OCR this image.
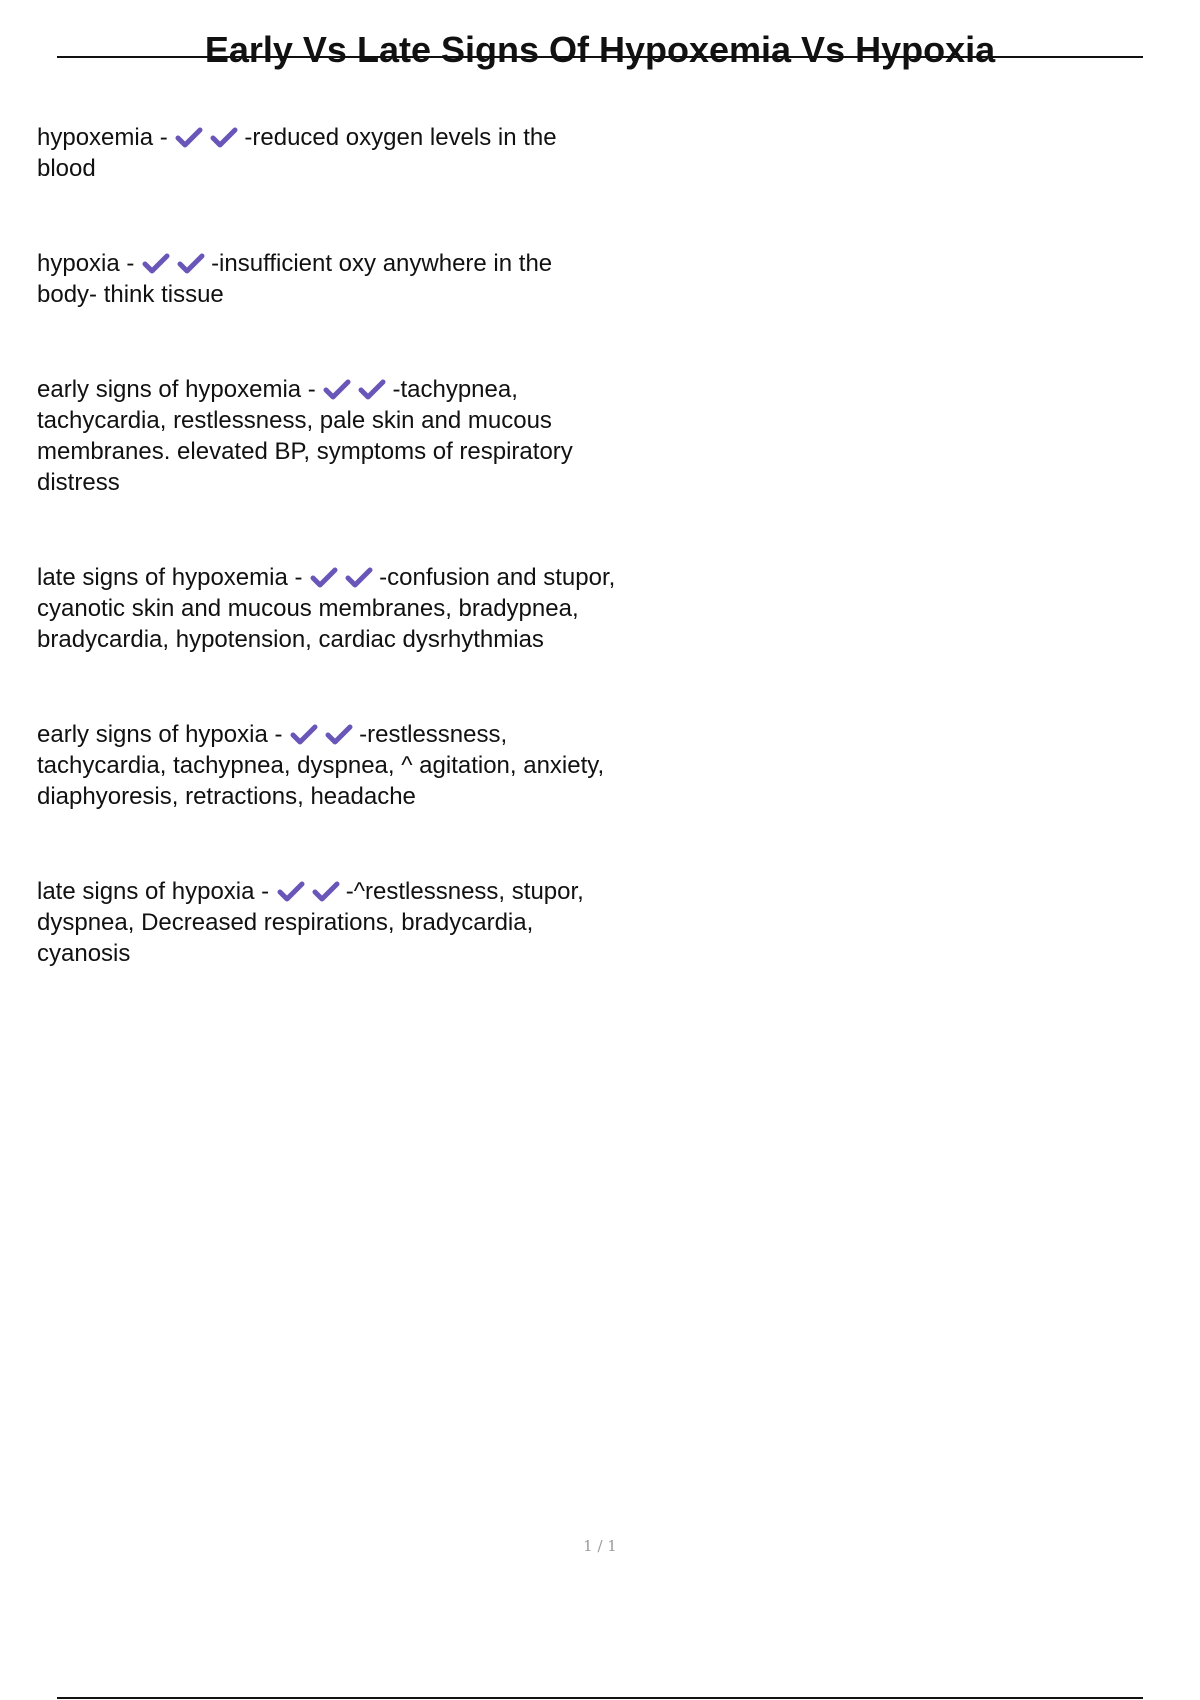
Early Vs Late Signs Of Hypoxemia Vs Hypoxia

hypoxemia -	-reduced oxygen levels in the blood

hypoxia -	-insufficient oxy anywhere in the body- think tissue

early signs of hypoxemia -	-tachypnea, tachycardia, restlessness, pale skin and mucous membranes. elevated BP, symptoms of respiratory distress

late signs of hypoxemia -	-confusion and stupor, cyanotic skin and mucous membranes, bradypnea, bradycardia, hypotension, cardiac dysrhythmias

early signs of hypoxia -	-restlessness, tachycardia, tachypnea, dyspnea, ^ agitation, anxiety, diaphyoresis, retractions, headache

late signs of hypoxia -	-^restlessness, stupor, dyspnea, Decreased respirations, bradycardia, cyanosis

1 / 1
